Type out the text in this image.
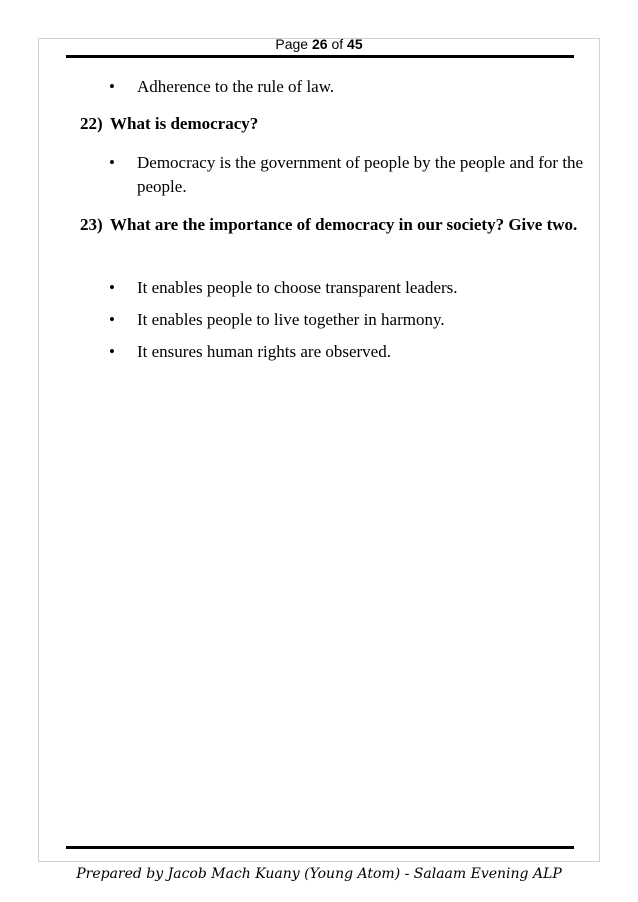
Page 26 of 45
•	Adherence to the rule of law.
22) What is democracy?
•	Democracy is the government of people by the people and for the people.
23) What are the importance of democracy in our society? Give two.
•	It enables people to choose transparent leaders.
•	It enables people to live together in harmony.
•	It ensures human rights are observed.
Prepared by Jacob Mach Kuany (Young Atom) - Salaam Evening ALP
